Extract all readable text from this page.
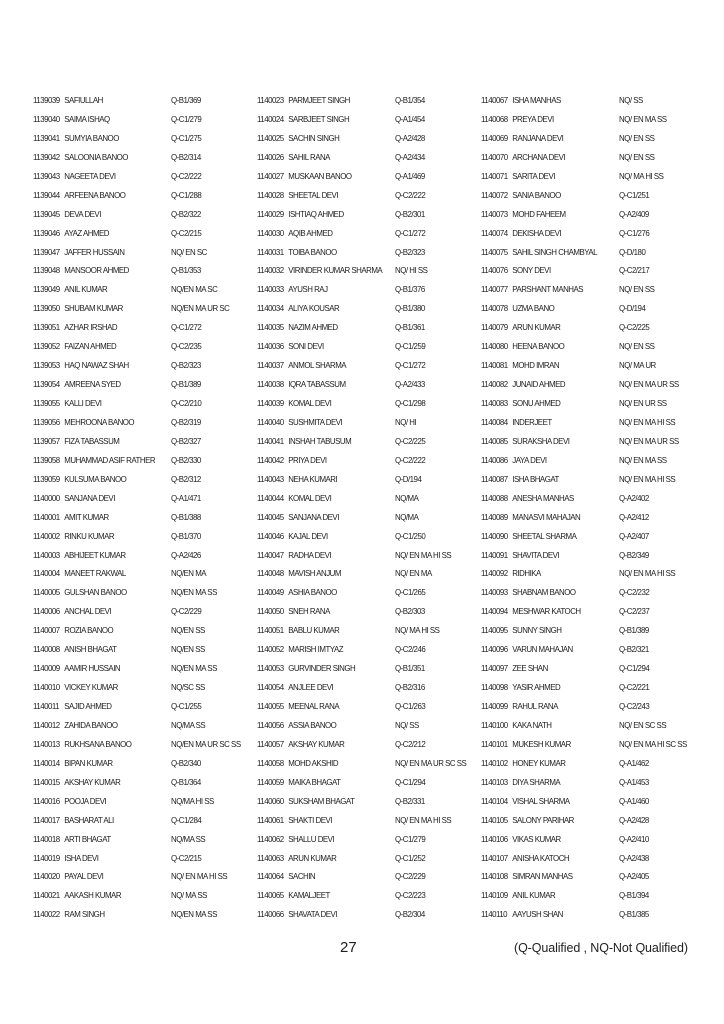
1139039 SAFIULLAH	Q-B1/369
1139040 SAIMA ISHAQ	Q-C1/279
1139041 SUMYIA BANOO	Q-C1/275
1139042 SALOONIA BANOO	Q-B2/314
1139043 NAGEETA DEVI	Q-C2/222
1139044 ARFEENA BANOO	Q-C1/288
1139045 DEVA DEVI	Q-B2/322
1139046 AYAZ AHMED	Q-C2/215
1139047 JAFFER HUSSAIN	NQ/ EN SC
1139048 MANSOOR AHMED	Q-B1/353
1139049 ANIL KUMAR	NQ/EN MA SC
1139050 SHUBAM KUMAR	NQ/EN MA UR SC
1139051 AZHAR IRSHAD	Q-C1/272
1139052 FAIZAN AHMED	Q-C2/235
1139053 HAQ NAWAZ SHAH	Q-B2/323
1139054 AMREENA SYED	Q-B1/389
1139055 KALLI DEVI	Q-C2/210
1139056 MEHROONA BANOO	Q-B2/319
1139057 FIZA TABASSUM	Q-B2/327
1139058 MUHAMMAD ASIF RATHER Q-B2/330
1139059 KULSUMA BANOO	Q-B2/312
1140000 SANJANA DEVI	Q-A1/471
1140001 AMIT KUMAR	Q-B1/388
1140002 RINKU KUMAR	Q-B1/370
1140003 ABHIJEET KUMAR	Q-A2/426
1140004 MANEET RAKWAL	NQ/EN MA
1140005 GULSHAN BANOO	NQ/EN MA SS
1140006 ANCHAL DEVI	Q-C2/229
1140007 ROZIA BANOO	NQ/EN SS
1140008 ANISH BHAGAT	NQ/EN SS
1140009 AAMIR HUSSAIN	NQ/EN MA SS
1140010 VICKEY KUMAR	NQ/SC SS
1140011 SAJID AHMED	Q-C1/255
1140012 ZAHIDA BANOO	NQ/MA SS
1140013 RUKHSANA BANOO	NQ/EN MA UR SC SS
1140014 BIPAN KUMAR	Q-B2/340
1140015 AKSHAY KUMAR	Q-B1/364
1140016 POOJA DEVI	NQ/MA HI SS
1140017 BASHARAT ALI	Q-C1/284
1140018 ARTI BHAGAT	NQ/MA SS
1140019 ISHA DEVI	Q-C2/215
1140020 PAYAL DEVI	NQ/ EN MA HI SS
1140021 AAKASH KUMAR	NQ/ MA SS
1140022 RAM SINGH	NQ/EN MA SS
1140023 PARMJEET SINGH	Q-B1/354
1140024 SARBJEET SINGH	Q-A1/454
1140025 SACHIN SINGH	Q-A2/428
1140026 SAHIL RANA	Q-A2/434
1140027 MUSKAAN BANOO	Q-A1/469
1140028 SHEETAL DEVI	Q-C2/222
1140029 ISHTIAQ AHMED	Q-B2/301
1140030 AQIB AHMED	Q-C1/272
1140031 TOIBA BANOO	Q-B2/323
1140032 VIRINDER KUMAR SHARMA NQ/ HI SS
1140033 AYUSH RAJ	Q-B1/376
1140034 ALIYA KOUSAR	Q-B1/380
1140035 NAZIM AHMED	Q-B1/361
1140036 SONI DEVI	Q-C1/259
1140037 ANMOL SHARMA	Q-C1/272
1140038 IQRA TABASSUM	Q-A2/433
1140039 KOMAL DEVI	Q-C1/298
1140040 SUSHMITA DEVI	NQ/ HI
1140041 INSHAH TABUSUM	Q-C2/225
1140042 PRIYA DEVI	Q-C2/222
1140043 NEHA KUMARI	Q-D/194
1140044 KOMAL DEVI	NQ/MA
1140045 SANJANA DEVI	NQ/MA
1140046 KAJAL DEVI	Q-C1/250
1140047 RADHA DEVI	NQ/ EN MA HI SS
1140048 MAVISH ANJUM	NQ/ EN MA
1140049 ASHIA BANOO	Q-C1/265
1140050 SNEH RANA	Q-B2/303
1140051 BABLU KUMAR	NQ/ MA HI SS
1140052 MARISH IMTYAZ	Q-C2/246
1140053 GURVINDER SINGH	Q-B1/351
1140054 ANJLEE DEVI	Q-B2/316
1140055 MEENAL RANA	Q-C1/263
1140056 ASSIA BANOO	NQ/ SS
1140057 AKSHAY KUMAR	Q-C2/212
1140058 MOHD AKSHID	NQ/ EN MA UR SC SS
1140059 MAIKA BHAGAT	Q-C1/294
1140060 SUKSHAM BHAGAT	Q-B2/331
1140061 SHAKTI DEVI	NQ/ EN MA HI SS
1140062 SHALLU DEVI	Q-C1/279
1140063 ARUN KUMAR	Q-C1/252
1140064 SACHIN	Q-C2/229
1140065 KAMALJEET	Q-C2/223
1140066 SHAVATA DEVI	Q-B2/304
1140067 ISHA MANHAS	NQ/ SS
1140068 PREYA DEVI	NQ/ EN MA SS
1140069 RANJANA DEVI	NQ/ EN SS
1140070 ARCHANA DEVI	NQ/ EN SS
1140071 SARITA DEVI	NQ/ MA HI SS
1140072 SANIA BANOO	Q-C1/251
1140073 MOHD FAHEEM	Q-A2/409
1140074 DEKISHA DEVI	Q-C1/276
1140075 SAHIL SINGH CHAMBYAL	Q-D/180
1140076 SONY DEVI	Q-C2/217
1140077 PARSHANT MANHAS	NQ/ EN SS
1140078 UZMA BANO	Q-D/194
1140079 ARUN KUMAR	Q-C2/225
1140080 HEENA BANOO	NQ/ EN SS
1140081 MOHD IMRAN	NQ/ MA UR
1140082 JUNAID AHMED	NQ/ EN MA UR SS
1140083 SONU AHMED	NQ/ EN UR SS
1140084 INDERJEET	NQ/ EN MA HI SS
1140085 SURAKSHA DEVI	NQ/ EN MA UR SS
1140086 JAYA DEVI	NQ/ EN MA SS
1140087 ISHA BHAGAT	NQ/ EN MA HI SS
1140088 ANESHA MANHAS	Q-A2/402
1140089 MANASVI MAHAJAN	Q-A2/412
1140090 SHEETAL SHARMA	Q-A2/407
1140091 SHAVITA DEVI	Q-B2/349
1140092 RIDHIKA	NQ/ EN MA HI SS
1140093 SHABNAM BANOO	Q-C2/232
1140094 MESHWAR KATOCH	Q-C2/237
1140095 SUNNY SINGH	Q-B1/389
1140096 VARUN MAHAJAN	Q-B2/321
1140097 ZEE SHAN	Q-C1/294
1140098 YASIR AHMED	Q-C2/221
1140099 RAHUL RANA	Q-C2/243
1140100 KAKA NATH	NQ/ EN SC SS
1140101 MUKESH KUMAR	NQ/ EN MA HI SC SS
1140102 HONEY KUMAR	Q-A1/462
1140103 DIYA SHARMA	Q-A1/453
1140104 VISHAL SHARMA	Q-A1/460
1140105 SALONY PARIHAR	Q-A2/428
1140106 VIKAS KUMAR	Q-A2/410
1140107 ANISHA KATOCH	Q-A2/438
1140108 SIMRAN MANHAS	Q-A2/405
1140109 ANIL KUMAR	Q-B1/394
1140110 AAYUSH SHAN	Q-B1/385
27	(Q-Qualified , NQ-Not Qualified)
